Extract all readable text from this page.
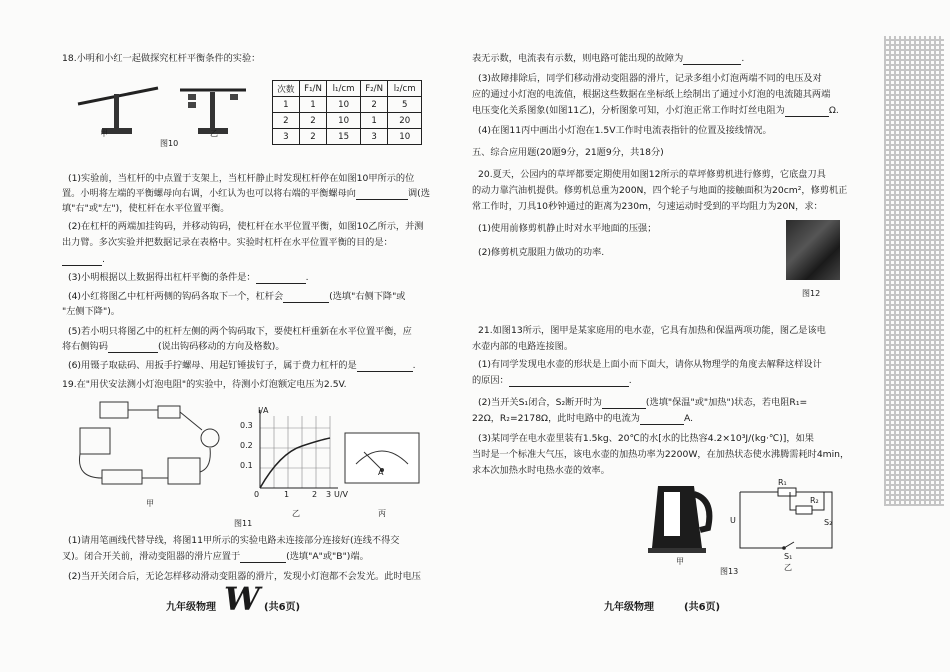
18.小明和小红一起做探究杠杆平衡条件的实验：
甲	乙
图10
次数	F₁/N	l₁/cm	F₂/N	l₂/cm
1	1	10	2	5
2	2	10	1	20
3	2	15	3	10
(1)实验前，当杠杆的中点置于支架上，当杠杆静止时发现杠杆停在如图10甲所示的位
置。小明将左端的平衡螺母向右调，小红认为也可以将右端的平衡螺母向	调(选
填"右"或"左")，使杠杆在水平位置平衡。
(2)在杠杆的两端加挂钩码，并移动钩码，使杠杆在水平位置平衡，如图10乙所示，并测
出力臂。多次实验并把数据记录在表格中。实验时杠杆在水平位置平衡的目的是：
.
(3)小明根据以上数据得出杠杆平衡的条件是：	.
(4)小红将图乙中杠杆两侧的钩码各取下一个，杠杆会	(选填"右侧下降"或
"左侧下降")。
(5)若小明只将图乙中的杠杆左侧的两个钩码取下，要使杠杆重新在水平位置平衡，应
将右侧钩码	(说出钩码移动的方向及格数)。
(6)用镊子取砝码、用扳手拧螺母、用起钉锤拔钉子，属于费力杠杆的是	.
19.在"用伏安法测小灯泡电阻"的实验中，待测小灯泡额定电压为2.5V.
甲
I/A
0.3
0.2
0.1
0	1	2 3 U/V
乙
A
丙
图11
(1)请用笔画线代替导线，将图11甲所示的实验电路未连接部分连接好(连线不得交
叉)。闭合开关前，滑动变阻器的滑片应置于	(选填"A"或"B")端。
(2)当开关闭合后，无论怎样移动滑动变阻器的滑片，发现小灯泡都不会发光。此时电压
九年级物理 W (共6页)
表无示数，电流表有示数，则电路可能出现的故障为	.
(3)故障排除后，同学们移动滑动变阻器的滑片，记录多组小灯泡两端不同的电压及对
应的通过小灯泡的电流值，根据这些数据在坐标纸上绘制出了通过小灯泡的电流随其两端
电压变化关系图象(如图11乙)，分析图象可知，小灯泡正常工作时灯丝电阻为	Ω.
(4)在图11丙中画出小灯泡在1.5V工作时电流表指针的位置及接线情况。
五、综合应用题(20题9分，21题9分，共18分)
20.夏天，公园内的草坪都要定期使用如图12所示的草坪修剪机进行修剪，它底盘刀具
的动力靠汽油机提供。修剪机总重为200N，四个轮子与地面的接触面积为20cm²，修剪机正
常工作时，刀具10秒钟通过的距离为230m，匀速运动时受到的平均阻力为20N，求：
(1)使用前修剪机静止时对水平地面的压强；
(2)修剪机克服阻力做功的功率.
图12
21.如图13所示，图甲是某家庭用的电水壶，它具有加热和保温两项功能，图乙是该电
水壶内部的电路连接图。
(1)有同学发现电水壶的形状是上面小而下面大，请你从物理学的角度去解释这样设计
的原因：	.
(2)当开关S₁闭合，S₂断开时为	(选填"保温"或"加热")状态，若电阻R₁=
22Ω，R₂=2178Ω，此时电路中的电流为	A.
(3)某同学在电水壶里装有1.5kg、20℃的水[水的比热容4.2×10³J/(kg·℃)]，如果
当时是一个标准大气压，该电水壶的加热功率为2200W，在加热状态使水沸腾需耗时4min，
求本次加热水时电热水壶的效率。
甲
R₁
R₂
S₂
U
S₁
乙
图13
九年级物理	(共6页)
